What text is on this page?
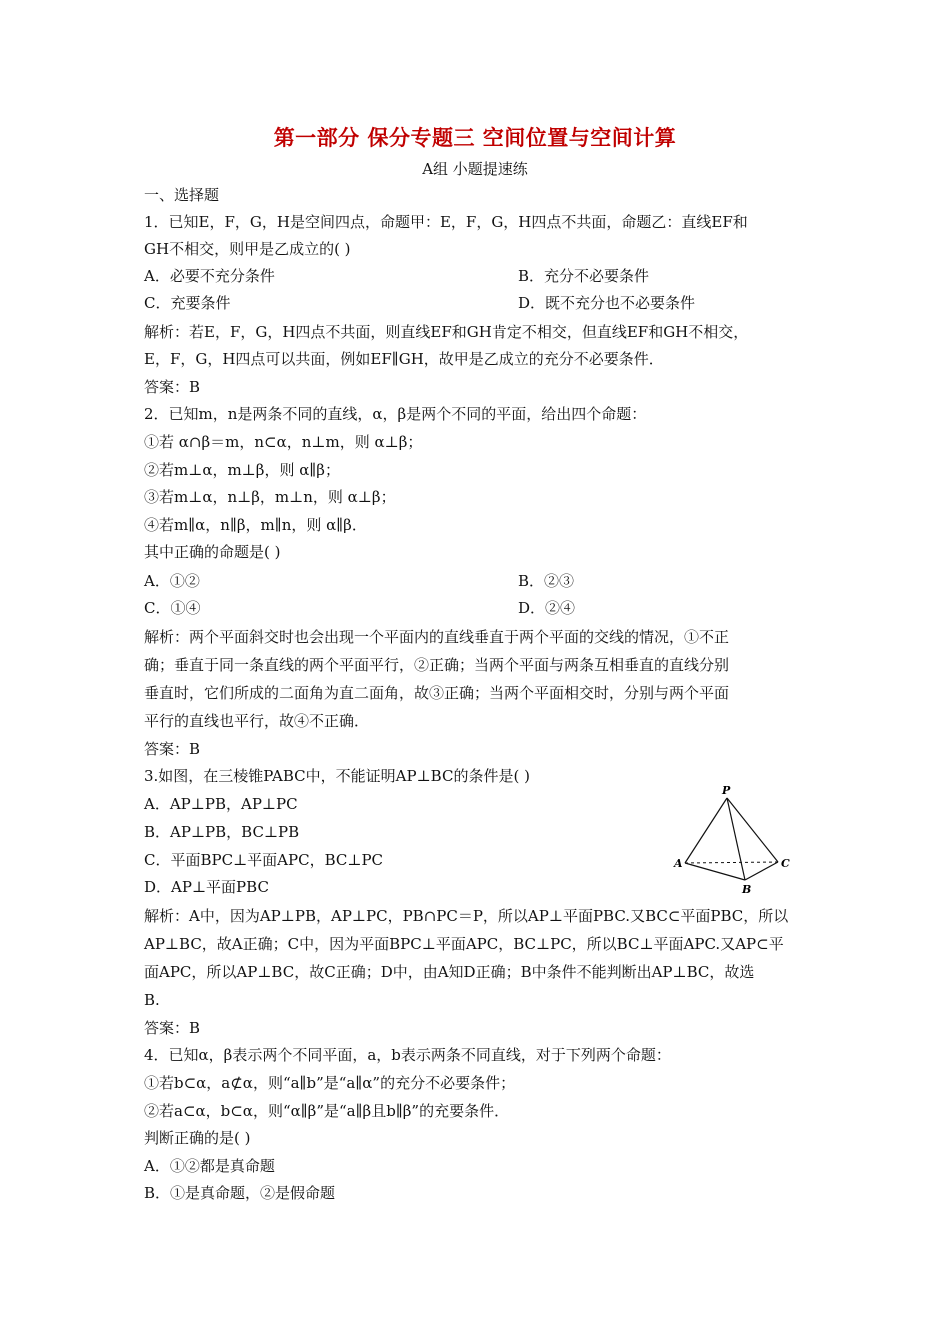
第一部分 保分专题三 空间位置与空间计算
A组 小题提速练
一、选择题
1．已知E，F，G，H是空间四点，命题甲：E，F，G，H四点不共面，命题乙：直线EF和
GH不相交，则甲是乙成立的( )
A．必要不充分条件	B．充分不必要条件
C．充要条件	D．既不充分也不必要条件
解析：若E，F，G，H四点不共面，则直线EF和GH肯定不相交，但直线EF和GH不相交，
E，F，G，H四点可以共面，例如EF∥GH，故甲是乙成立的充分不必要条件．
答案：B
2．已知m，n是两条不同的直线，α，β是两个不同的平面，给出四个命题：
①若 α∩β＝m，n⊂α，n⊥m，则 α⊥β；
②若m⊥α，m⊥β，则 α∥β；
③若m⊥α，n⊥β，m⊥n，则 α⊥β；
④若m∥α，n∥β，m∥n，则 α∥β．
其中正确的命题是( )
A．①②	B．②③
C．①④	D．②④
解析：两个平面斜交时也会出现一个平面内的直线垂直于两个平面的交线的情况，①不正
确；垂直于同一条直线的两个平面平行，②正确；当两个平面与两条互相垂直的直线分别
垂直时，它们所成的二面角为直二面角，故③正确；当两个平面相交时，分别与两个平面
平行的直线也平行，故④不正确．
答案：B
3.如图，在三棱锥PABC中，不能证明AP⊥BC的条件是( )
A．AP⊥PB，AP⊥PC
B．AP⊥PB，BC⊥PB
C．平面BPC⊥平面APC，BC⊥PC
D．AP⊥平面PBC
P
A
B
C
解析：A中，因为AP⊥PB，AP⊥PC，PB∩PC＝P，所以AP⊥平面PBC.又BC⊂平面PBC，所以
AP⊥BC，故A正确；C中，因为平面BPC⊥平面APC，BC⊥PC，所以BC⊥平面APC.又AP⊂平
面APC，所以AP⊥BC，故C正确；D中，由A知D正确；B中条件不能判断出AP⊥BC，故选
B.
答案：B
4．已知α，β表示两个不同平面，a，b表示两条不同直线，对于下列两个命题：
①若b⊂α，a⊄α，则“a∥b”是“a∥α”的充分不必要条件；
②若a⊂α，b⊂α，则“α∥β”是“a∥β且b∥β”的充要条件．
判断正确的是( )
A．①②都是真命题
B．①是真命题，②是假命题
